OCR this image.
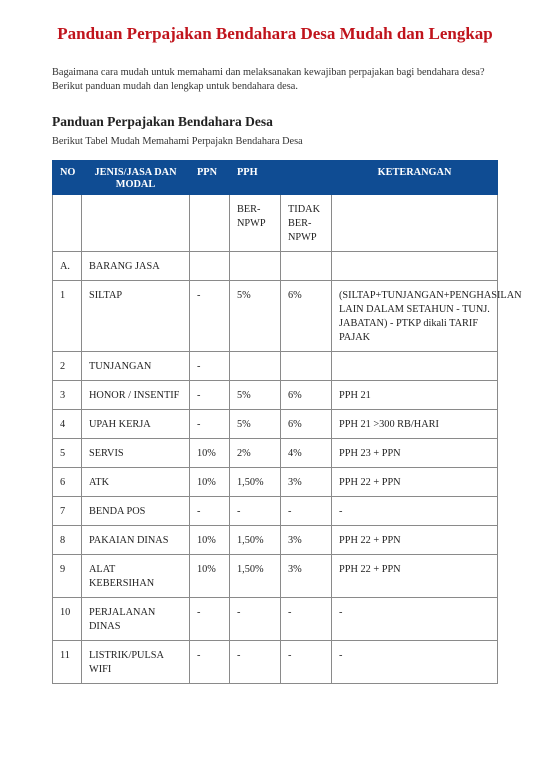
Panduan Perpajakan Bendahara Desa Mudah dan Lengkap

Bagaimana cara mudah untuk memahami dan melaksanakan kewajiban perpajakan bagi bendahara desa? Berikut panduan mudah dan lengkap untuk bendahara desa.

Panduan Perpajakan Bendahara Desa

Berikut Tabel Mudah Memahami Perpajakn Bendahara Desa

NO	JENIS/JASA DAN MODAL	PPN	PPH		KETERANGAN
			BER-NPWP	TIDAK BER-NPWP	
A.	BARANG JASA				
1	SILTAP	-	5%	6%	(SILTAP+TUNJANGAN+PENGHASILAN LAIN DALAM SETAHUN - TUNJ. JABATAN) - PTKP dikali TARIF PAJAK
2	TUNJANGAN	-			
3	HONOR / INSENTIF	-	5%	6%	PPH 21
4	UPAH KERJA	-	5%	6%	PPH 21 >300 RB/HARI
5	SERVIS	10%	2%	4%	PPH 23 + PPN
6	ATK	10%	1,50%	3%	PPH 22 + PPN
7	BENDA POS	-	-	-	-
8	PAKAIAN DINAS	10%	1,50%	3%	PPH 22 + PPN
9	ALAT KEBERSIHAN	10%	1,50%	3%	PPH 22 + PPN
10	PERJALANAN DINAS	-	-	-	-
11	LISTRIK/PULSA WIFI	-	-	-	-
